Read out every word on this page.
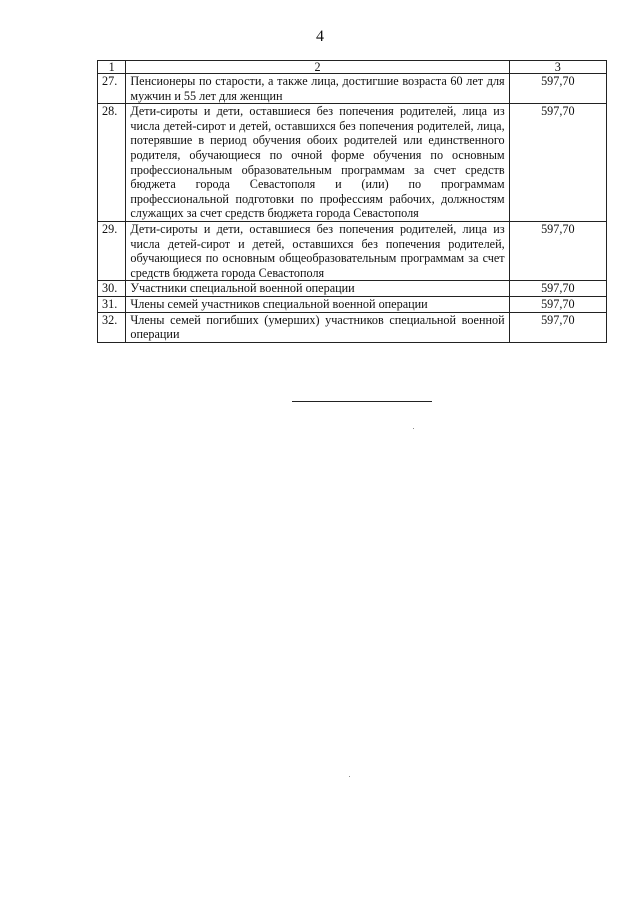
4
1	2	3
27.	Пенсионеры по старости, а также лица, достигшие возраста 60 лет для мужчин и 55 лет для женщин	597,70
28.	Дети-сироты и дети, оставшиеся без попечения родителей, лица из числа детей-сирот и детей, оставшихся без попечения родителей, лица, потерявшие в период обучения обоих родителей или единственного родителя, обучающиеся по очной форме обучения по основным профессиональным образовательным программам за счет средств бюджета города Севастополя и (или) по программам профессиональной подготовки по профессиям рабочих, должностям служащих за счет средств бюджета города Севастополя	597,70
29.	Дети-сироты и дети, оставшиеся без попечения родителей, лица из числа детей-сирот и детей, оставшихся без попечения родителей, обучающиеся по основным общеобразовательным программам за счет средств бюджета города Севастополя	597,70
30.	Участники специальной военной операции	597,70
31.	Члены семей участников специальной военной операции	597,70
32.	Члены семей погибших (умерших) участников специальной военной операции	597,70
